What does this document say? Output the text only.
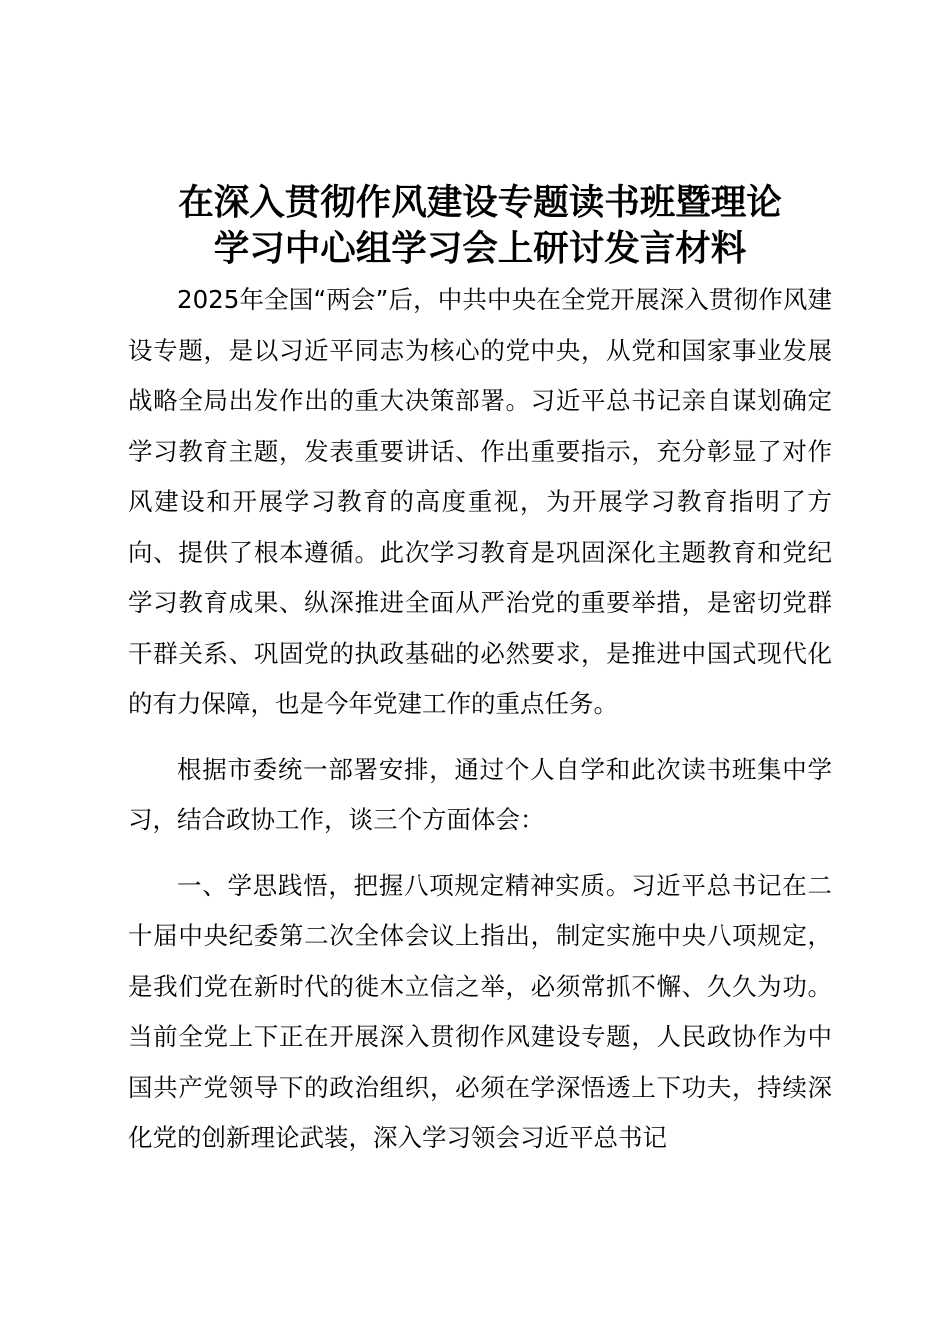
在深入贯彻作风建设专题读书班暨理论
学习中心组学习会上研讨发言材料

2025年全国“两会”后，中共中央在全党开展深入贯彻作风建设专题，是以习近平同志为核心的党中央，从党和国家事业发展战略全局出发作出的重大决策部署。习近平总书记亲自谋划确定学习教育主题，发表重要讲话、作出重要指示，充分彰显了对作风建设和开展学习教育的高度重视，为开展学习教育指明了方向、提供了根本遵循。此次学习教育是巩固深化主题教育和党纪学习教育成果、纵深推进全面从严治党的重要举措，是密切党群干群关系、巩固党的执政基础的必然要求，是推进中国式现代化的有力保障，也是今年党建工作的重点任务。

根据市委统一部署安排，通过个人自学和此次读书班集中学习，结合政协工作，谈三个方面体会：

一、学思践悟，把握八项规定精神实质。习近平总书记在二十届中央纪委第二次全体会议上指出，制定实施中央八项规定，是我们党在新时代的徙木立信之举，必须常抓不懈、久久为功。当前全党上下正在开展深入贯彻作风建设专题，人民政协作为中国共产党领导下的政治组织，必须在学深悟透上下功夫，持续深化党的创新理论武装，深入学习领会习近平总书记
